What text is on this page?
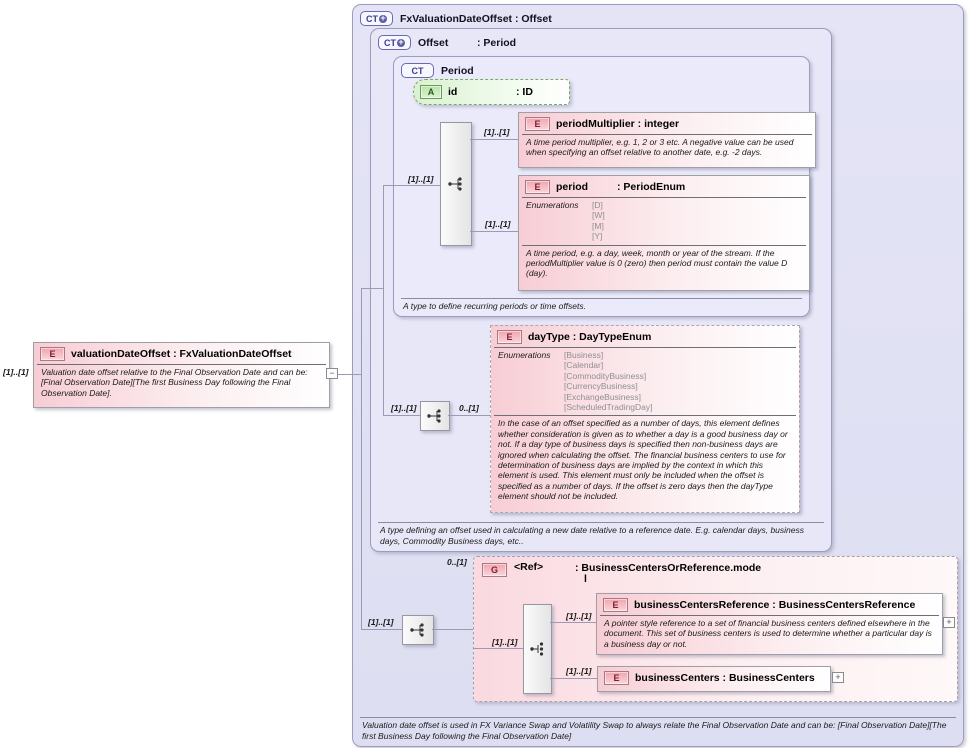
CT + FxValuationDateOffset : Offset
Valuation date offset is used in FX Variance Swap and Volatility Swap to always relate the Final Observation Date and can be: [Final Observation Date][The first Business Day following the Final Observation Date]
CT + Offset	: Period
A type defining an offset used in calculating a new date relative to a reference date. E.g. calendar days, business days, Commodity Business days, etc..
CT Period
A type to define recurring periods or time offsets.
A	id	: ID
E	periodMultiplier : integer
A time period multiplier, e.g. 1, 2 or 3 etc. A negative value can be used when specifying an offset relative to another date, e.g. -2 days.
E	period	: PeriodEnum
Enumerations	[D]
[W]
[M]
[Y]
A time period, e.g. a day, week, month or year of the stream. If the periodMultiplier value is 0 (zero) then period must contain the value D (day).
E	dayType : DayTypeEnum
Enumerations	[Business]
[Calendar]
[CommodityBusiness]
[CurrencyBusiness]
[ExchangeBusiness]
[ScheduledTradingDay]
In the case of an offset specified as a number of days, this element defines whether consideration is given as to whether a day is a good business day or not. If a day type of business days is specified then non-business days are ignored when calculating the offset. The financial business centers to use for determination of business days are implied by the context in which this element is used. This element must only be included when the offset is specified as a number of days. If the offset is zero days then the dayType element should not be included.
G	<Ref>	: BusinessCentersOrReference.mode
l
E	businessCentersReference : BusinessCentersReference
A pointer style reference to a set of financial business centers defined elsewhere in the document. This set of business centers is used to determine whether a particular day is a business day or not.
E	businessCenters : BusinessCenters
E	valuationDateOffset : FxValuationDateOffset
Valuation date offset relative to the Final Observation Date and can be: [Final Observation Date][The first Business Day following the Final Observation Date].
[1]..[1]
[1]..[1]
[1]..[1]
[1]..[1]
[1]..[1]	0..[1]
[1]..[1]
0..[1]
[1]..[1]
[1]..[1]
[1]..[1]
−
+
+
